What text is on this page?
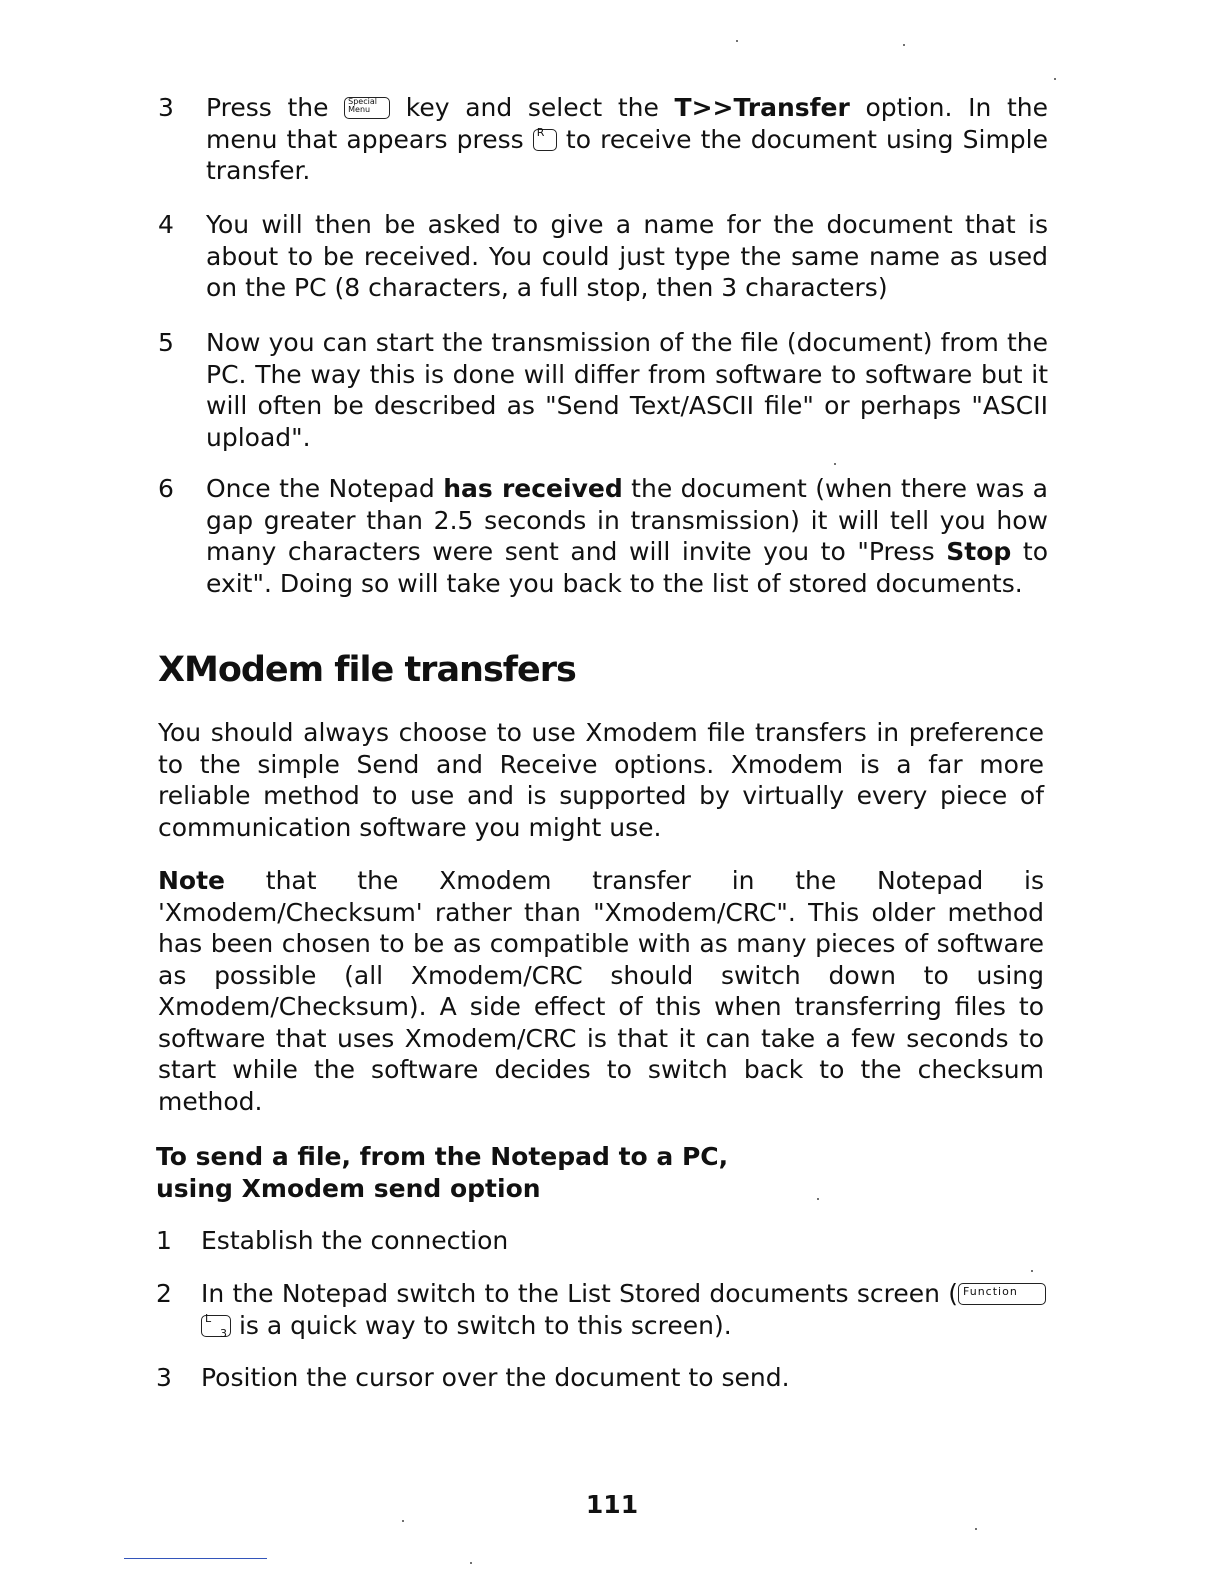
3	Press the Special Menu	key and select the T>>Transfer option. In the menu that appears press R to receive the document using Simple transfer.
4	You will then be asked to give a name for the document that is about to be received. You could just type the same name as used on the PC (8 characters, a full stop, then 3 characters)
5	Now you can start the transmission of the file (document) from the PC. The way this is done will differ from software to software but it will often be described as "Send Text/ASCII file" or perhaps "ASCII upload".
6	Once the Notepad has received the document (when there was a gap greater than 2.5 seconds in transmission) it will tell you how many characters were sent and will invite you to "Press Stop to exit". Doing so will take you back to the list of stored documents.
XModem file transfers
You should always choose to use Xmodem file transfers in preference to the simple Send and Receive options. Xmodem is a far more reliable method to use and is supported by virtually every piece of communication software you might use.
Note that the Xmodem transfer in the Notepad is 'Xmodem/Checksum' rather than "Xmodem/CRC". This older method has been chosen to be as compatible with as many pieces of software as possible (all Xmodem/CRC should switch down to using Xmodem/Checksum). A side effect of this when transferring files to software that uses Xmodem/CRC is that it can take a few seconds to start while the software decides to switch back to the checksum method.
To send a file, from the Notepad to a PC,
using Xmodem send option
1	Establish the connection
2	In the Notepad switch to the List Stored documents screen ( Function
L
3 is a quick way to switch to this screen).
3	Position the cursor over the document to send.
111
